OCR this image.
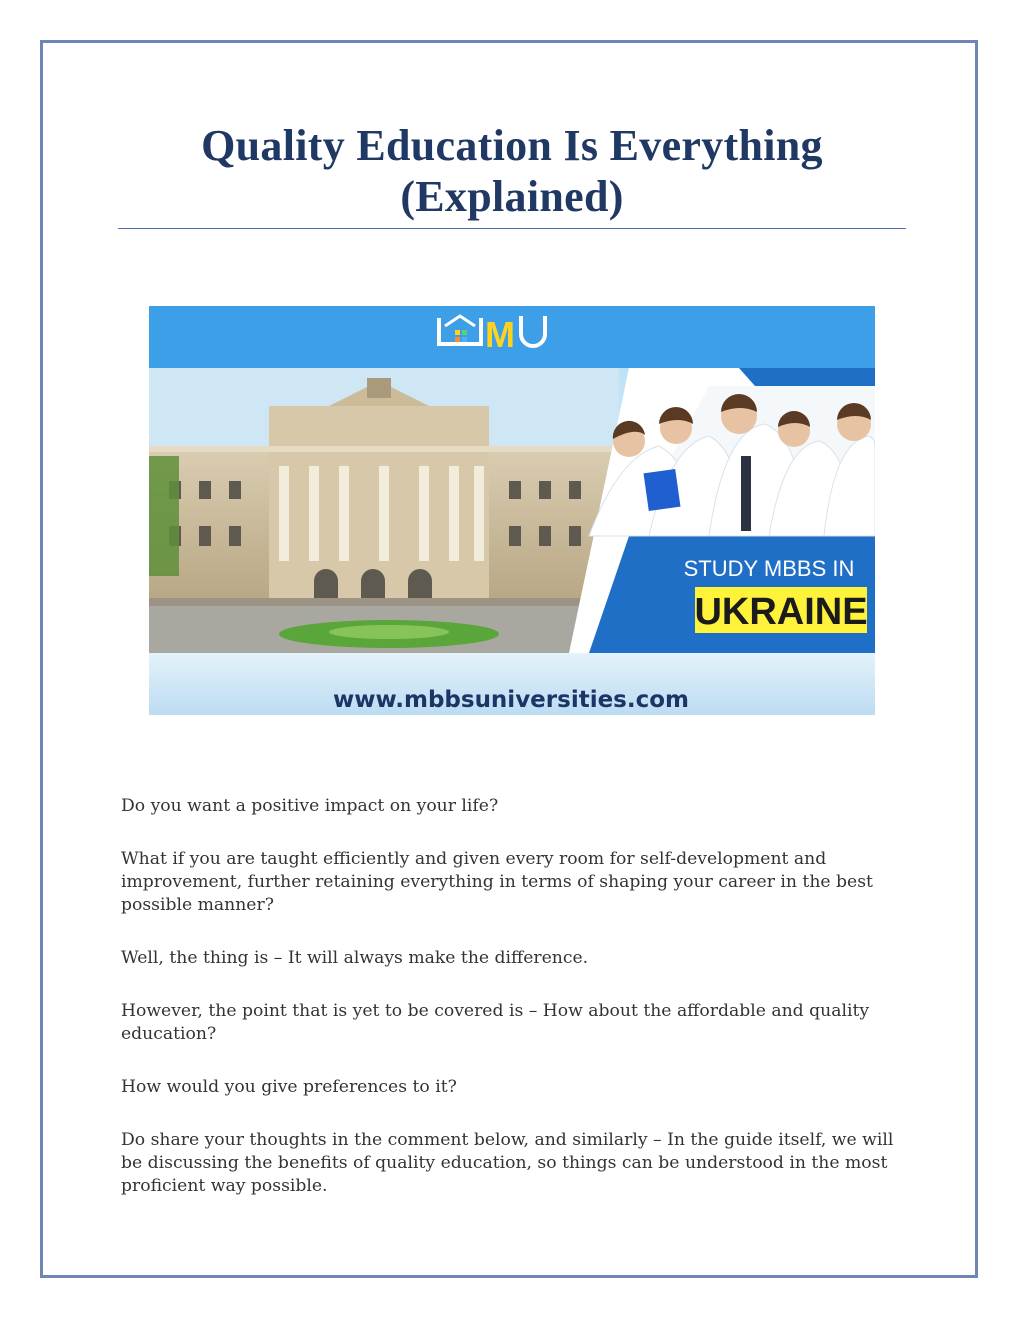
Quality Education Is Everything
(Explained)
M
STUDY MBBS IN
UKRAINE
www.mbbsuniversities.com

Do you want a positive impact on your life?

What if you are taught efficiently and given every room for self-development and improvement, further retaining everything in terms of shaping your career in the best possible manner?

Well, the thing is – It will always make the difference.

However, the point that is yet to be covered is – How about the affordable and quality education?

How would you give preferences to it?

Do share your thoughts in the comment below, and similarly – In the guide itself, we will be discussing the benefits of quality education, so things can be understood in the most proficient way possible.
